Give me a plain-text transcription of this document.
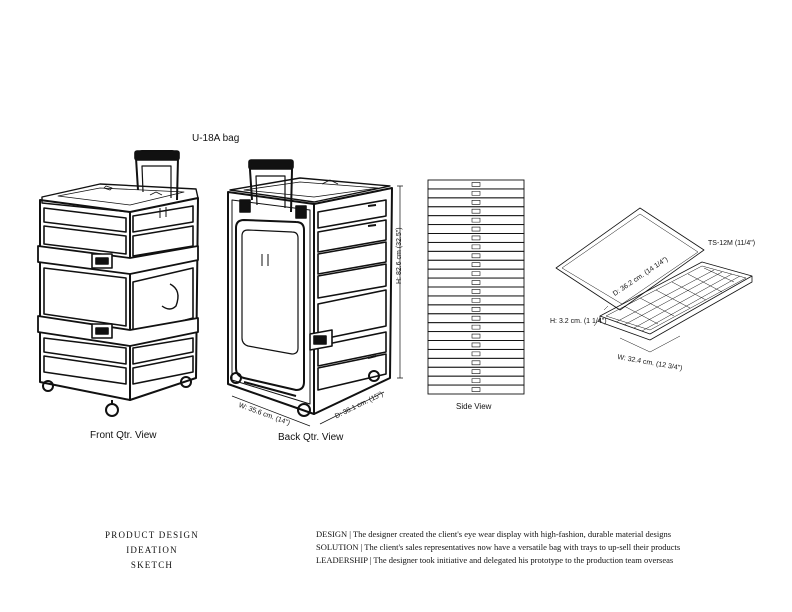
U-18A bag
Front Qtr. View	Back Qtr. View
Side View
H: 82.6 cm (32.5")
W: 35.6 cm. (14")	D: 38.1 cm. (15")
TS-12M (11/4")
D: 36.2 cm. (14 1/4")
H: 3.2 cm. (1 1/4")
W: 32.4 cm. (12 3/4")
PRODUCT DESIGN
IDEATION SKETCH
DESIGN | The designer created the client's eye wear display with high-fashion, durable material designs
SOLUTION | The client's sales representatives now have a versatile bag with trays to up-sell their products
LEADERSHIP | The designer took initiative and delegated his prototype to the production team overseas
